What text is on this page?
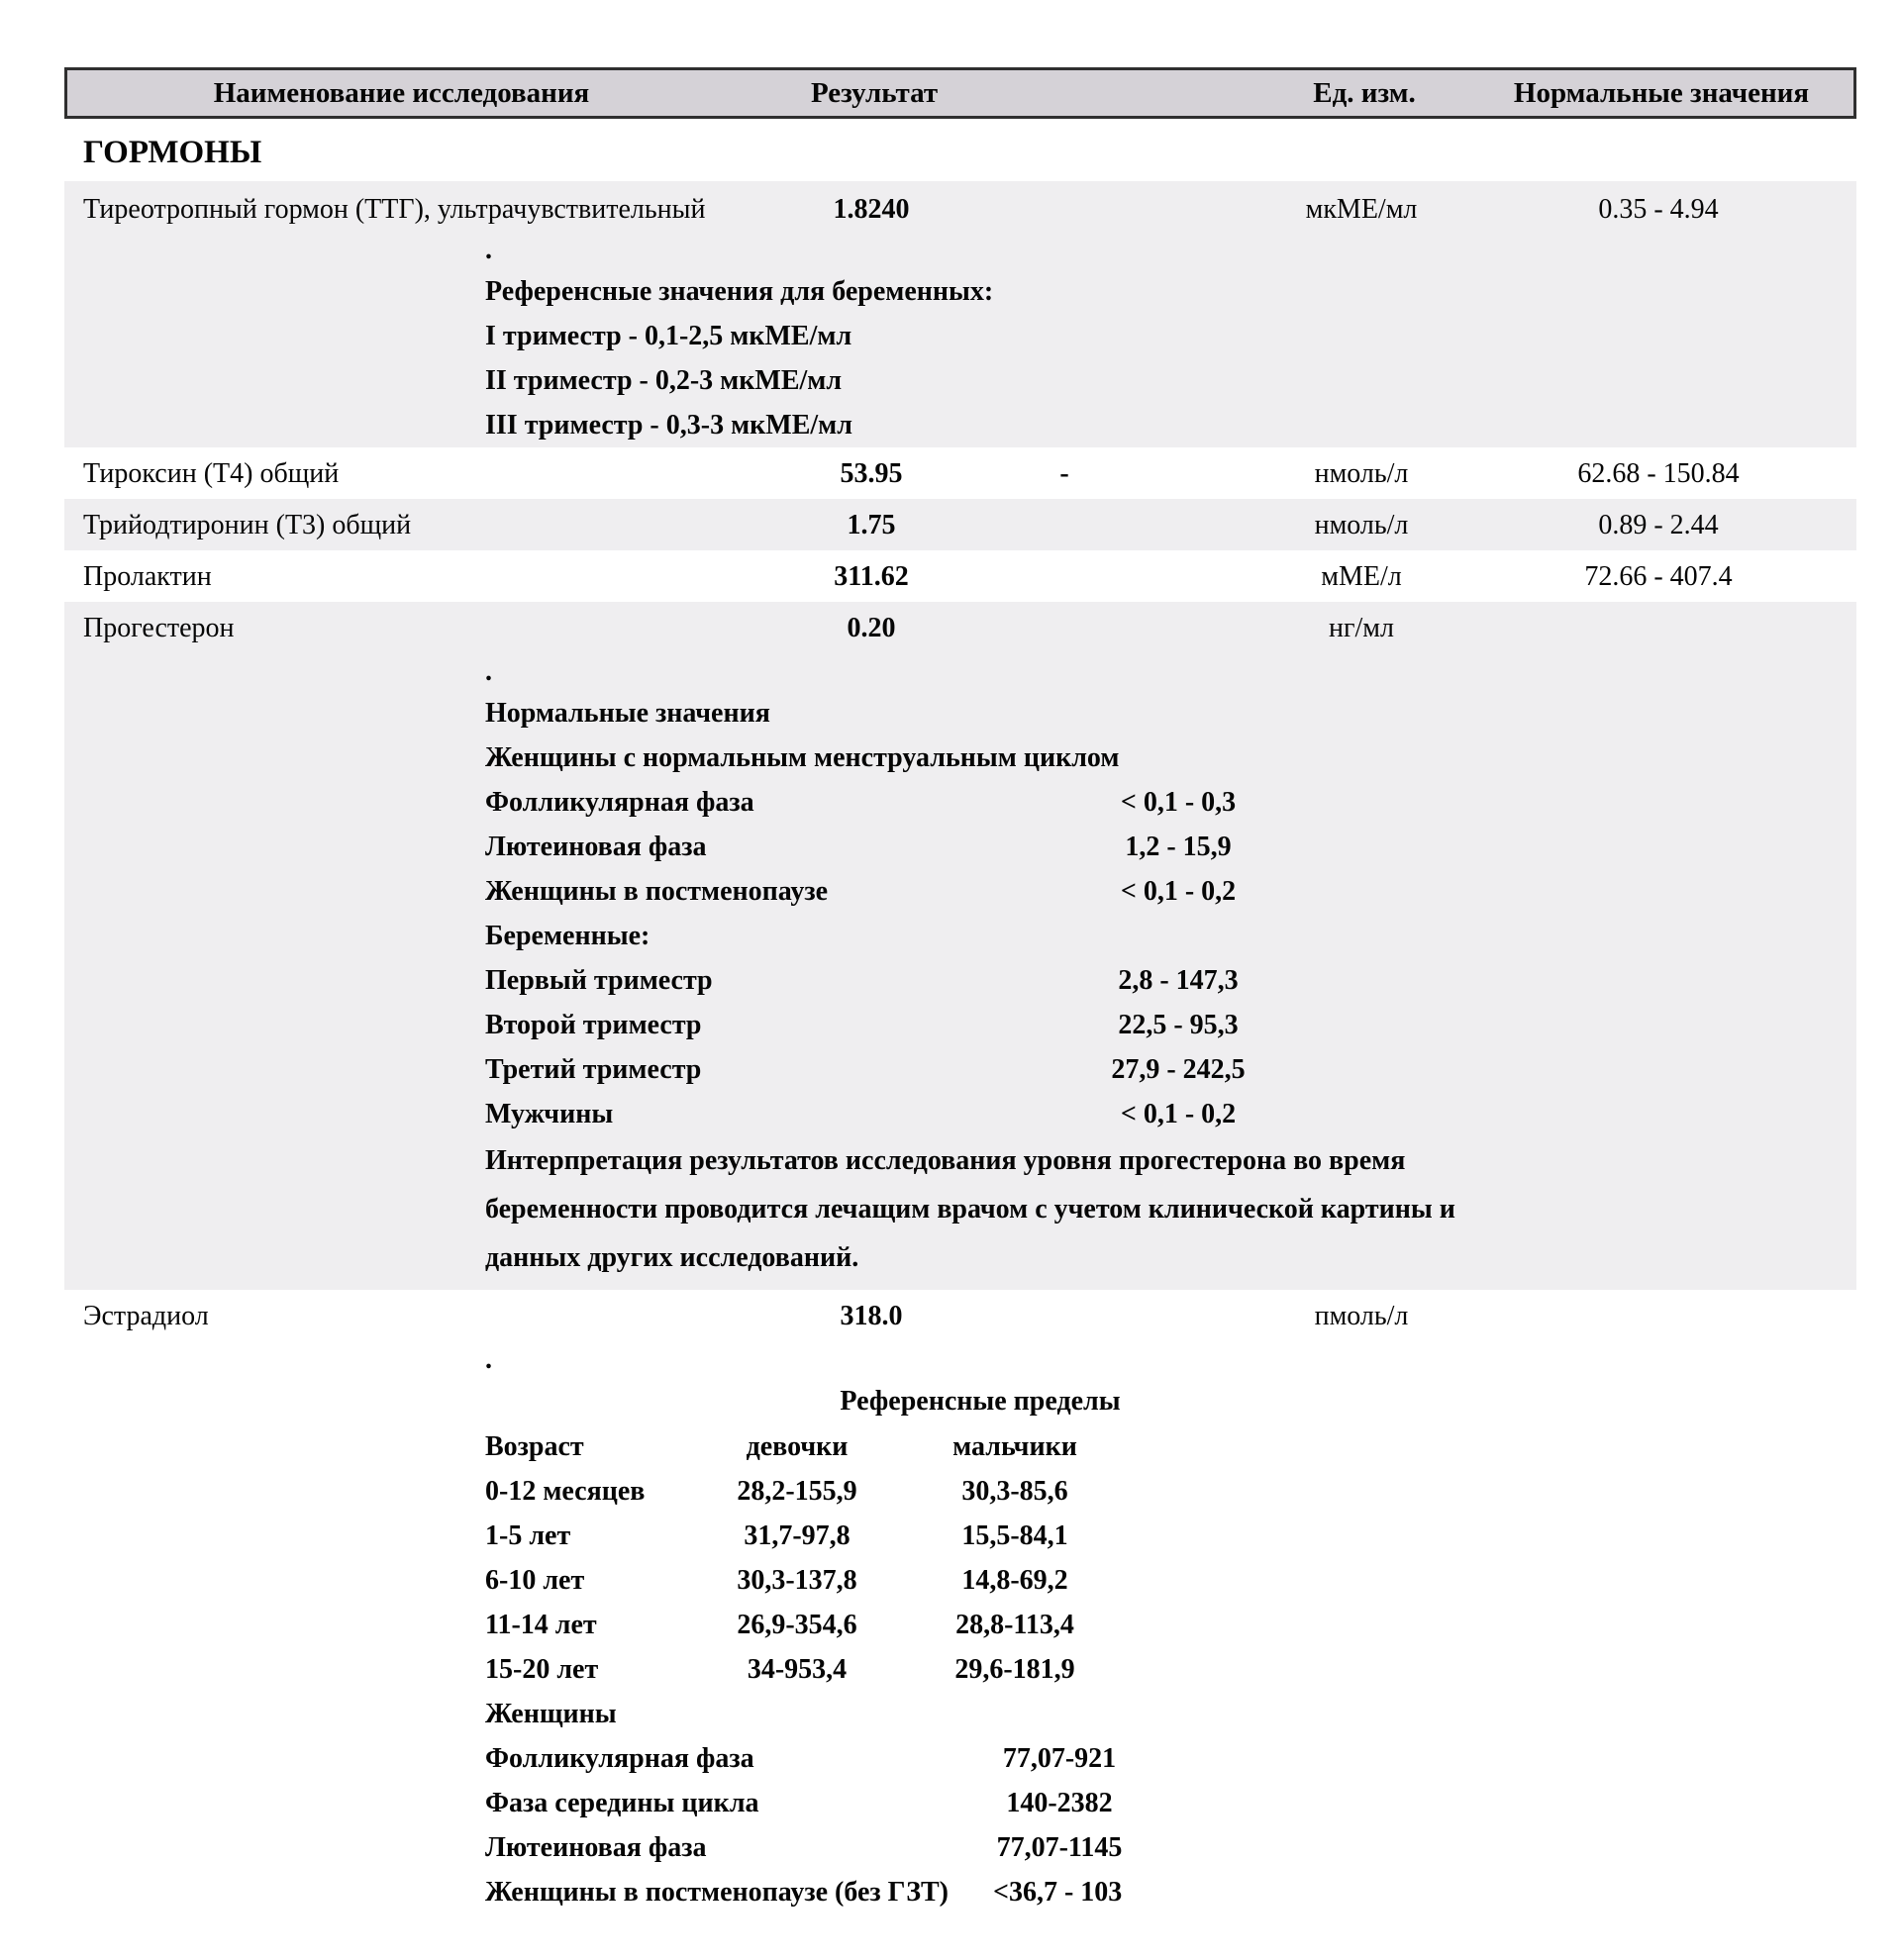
Наименование исследования	Результат	Ед. изм.	Нормальные значения
ГОРМОНЫ
Тиреотропный гормон (ТТГ), ультрачувствительный	1.8240	мкМЕ/мл	0.35 - 4.94
.
Референсные значения для беременных:
I триместр - 0,1-2,5 мкМЕ/мл
II триместр - 0,2-3 мкМЕ/мл
III триместр - 0,3-3 мкМЕ/мл
Тироксин (Т4) общий	53.95	-	нмоль/л	62.68 - 150.84
Трийодтиронин (Т3) общий	1.75	нмоль/л	0.89 - 2.44
Пролактин	311.62	мМЕ/л	72.66 - 407.4
Прогестерон	0.20	нг/мл
.
Нормальные значения
Женщины с нормальным менструальным циклом
Фолликулярная фаза	< 0,1 - 0,3
Лютеиновая фаза	1,2 - 15,9
Женщины в постменопаузе	< 0,1 - 0,2
Беременные:
Первый триместр	2,8 - 147,3
Второй триместр	22,5 - 95,3
Третий триместр	27,9 - 242,5
Мужчины	< 0,1 - 0,2
Интерпретация результатов исследования уровня прогестерона во время беременности проводится лечащим врачом с учетом клинической картины и данных других исследований.
Эстрадиол	318.0	пмоль/л
.
Референсные пределы
Возраст	девочки	мальчики
0-12 месяцев	28,2-155,9	30,3-85,6
1-5 лет	31,7-97,8	15,5-84,1
6-10 лет	30,3-137,8	14,8-69,2
11-14 лет	26,9-354,6	28,8-113,4
15-20 лет	34-953,4	29,6-181,9
Женщины
Фолликулярная фаза	77,07-921
Фаза середины цикла	140-2382
Лютеиновая фаза	77,07-1145
Женщины в постменопаузе (без ГЗТ) <36,7 - 103
